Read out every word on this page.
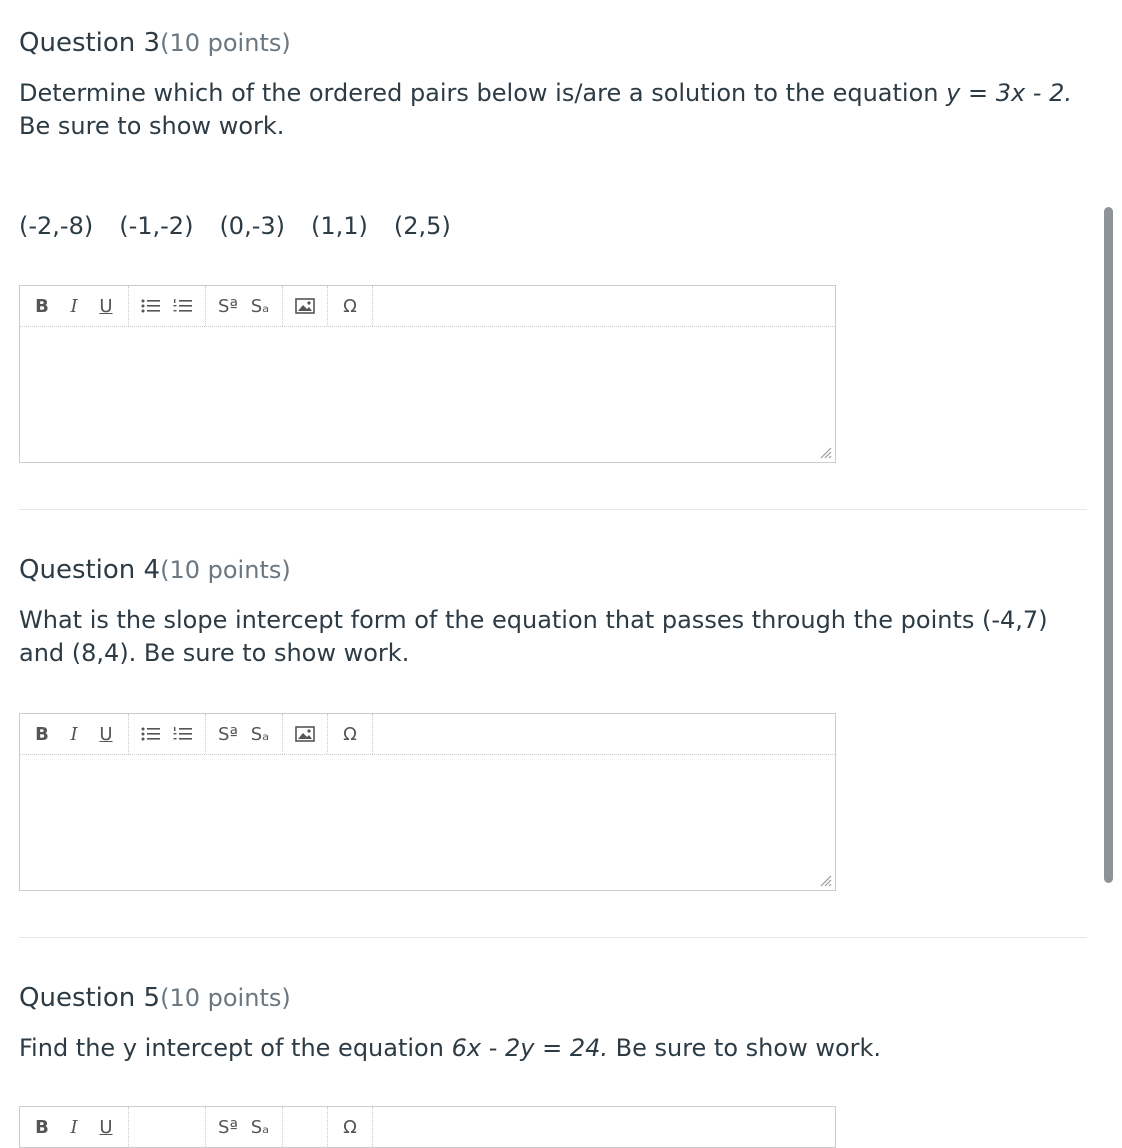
Question 3(10 points)
Determine which of the ordered pairs below is/are a solution to the equation y = 3x - 2. Be sure to show work.
(-2,-8) (-1,-2) (0,-3) (1,1) (2,5)
B	I	U	Sª Sₐ	Ω
Question 4(10 points)
What is the slope intercept form of the equation that passes through the points (-4,7) and (8,4). Be sure to show work.
B	I	U	Sª Sₐ	Ω
Question 5(10 points)
Find the y intercept of the equation 6x - 2y = 24. Be sure to show work.
B	I	U	Sª Sₐ	Ω
